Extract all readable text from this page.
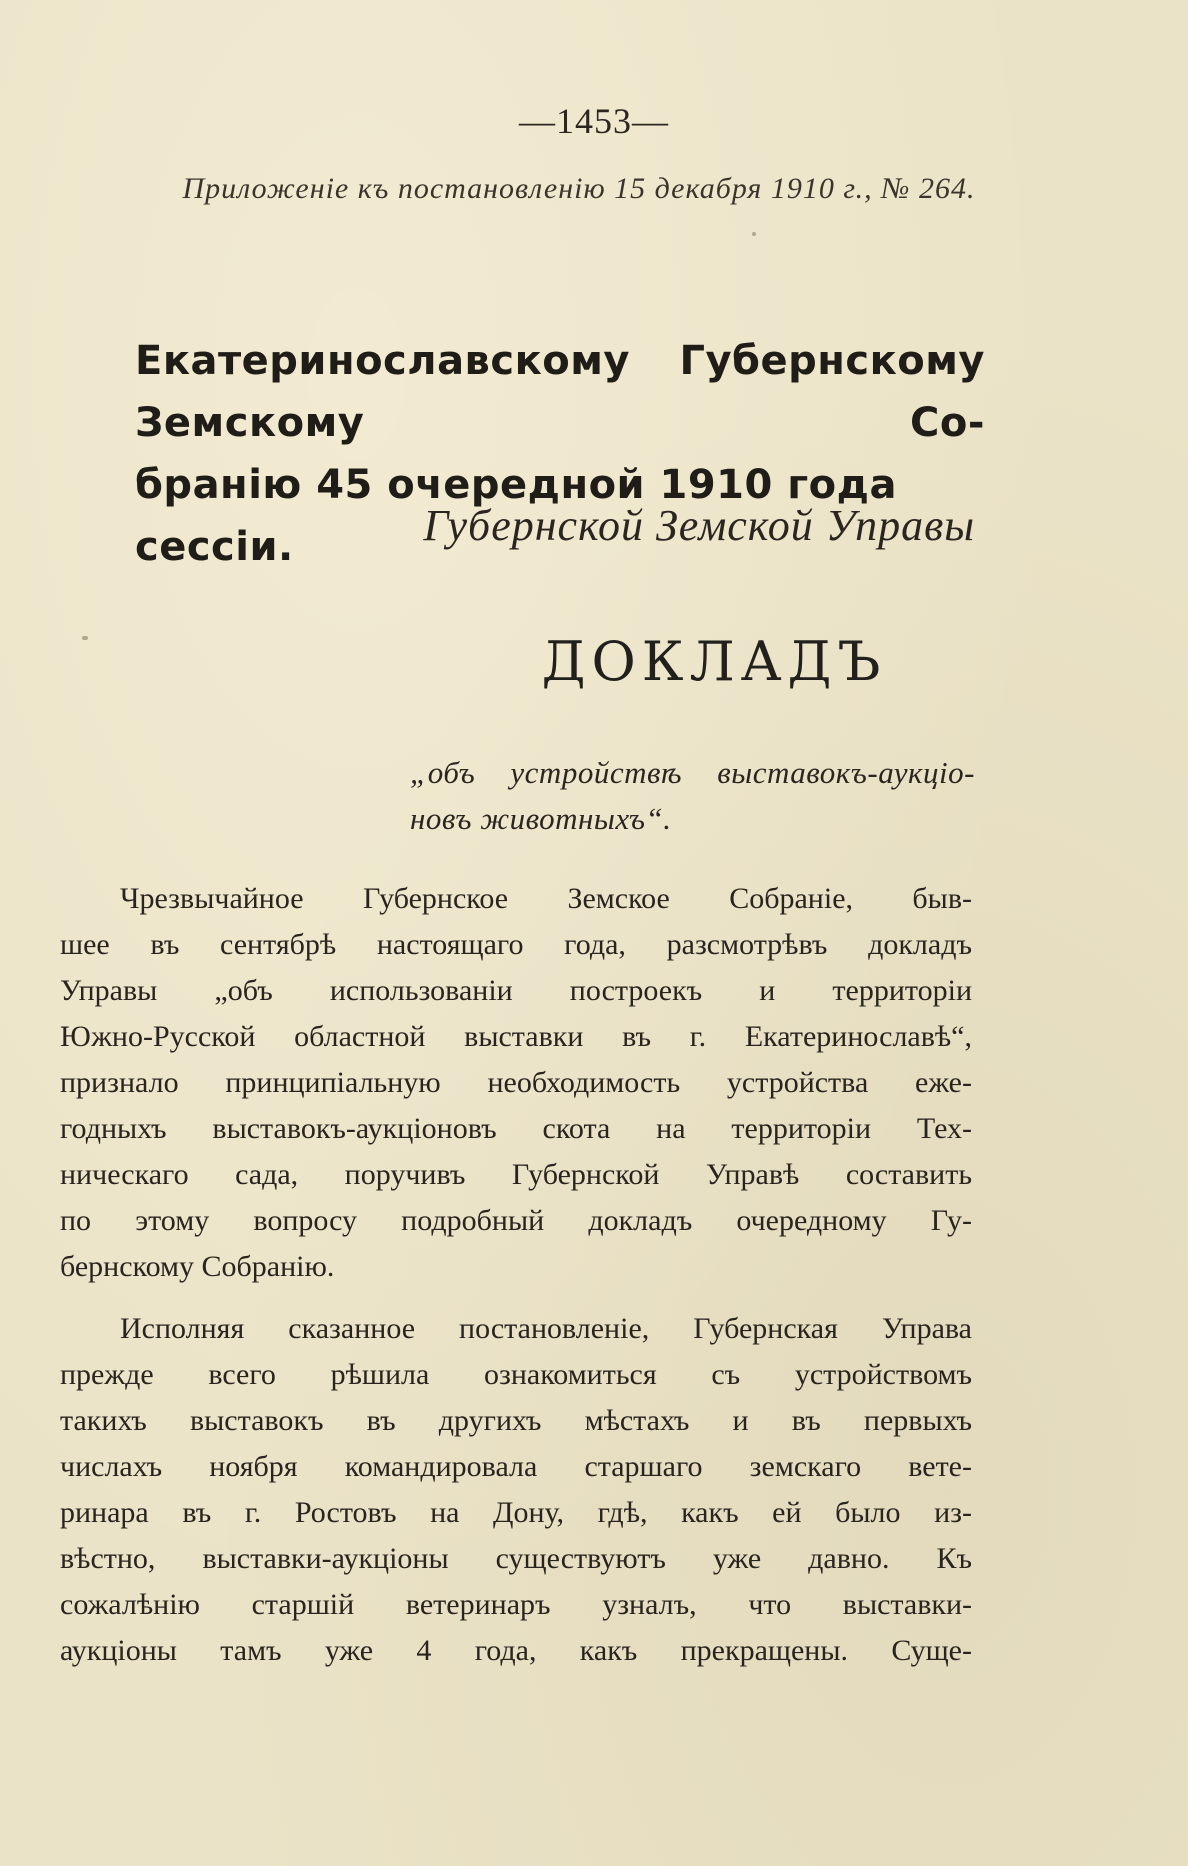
—1453—
Приложенiе къ постановленiю 15 декабря 1910 г., № 264.
Екатеринославскому Губернскому Земскому Со-
бранiю 45 очередной 1910 года сессiи.	Губернской Земской Управы
ДОКЛАДЪ
„объ устройствѣ выставокъ-аукцiо-
новъ животныхъ“.
Чрезвычайное Губернское Земское Собранiе, быв-
шее въ сентябрѣ настоящаго года, разсмотрѣвъ докладъ
Управы „объ использованiи построекъ и территорiи
Южно-Русской областной выставки въ г. Екатеринославѣ“,
признало принципiальную необходимость устройства еже-
годныхъ выставокъ-аукцiоновъ скота на территорiи Тех-
ническаго сада, поручивъ Губернской Управѣ составить
по этому вопросу подробный докладъ очередному Гу-
бернскому Собранiю.
Исполняя сказанное постановленiе, Губернская Управа
прежде всего рѣшила ознакомиться съ устройствомъ
такихъ выставокъ въ другихъ мѣстахъ и въ первыхъ
числахъ ноября командировала старшаго земскаго вете-
ринара въ г. Ростовъ на Дону, гдѣ, какъ ей было из-
вѣстно, выставки-аукцiоны существуютъ уже давно. Къ
сожалѣнiю старшiй ветеринаръ узналъ, что выставки-
аукцiоны тамъ уже 4 года, какъ прекращены. Суще-
